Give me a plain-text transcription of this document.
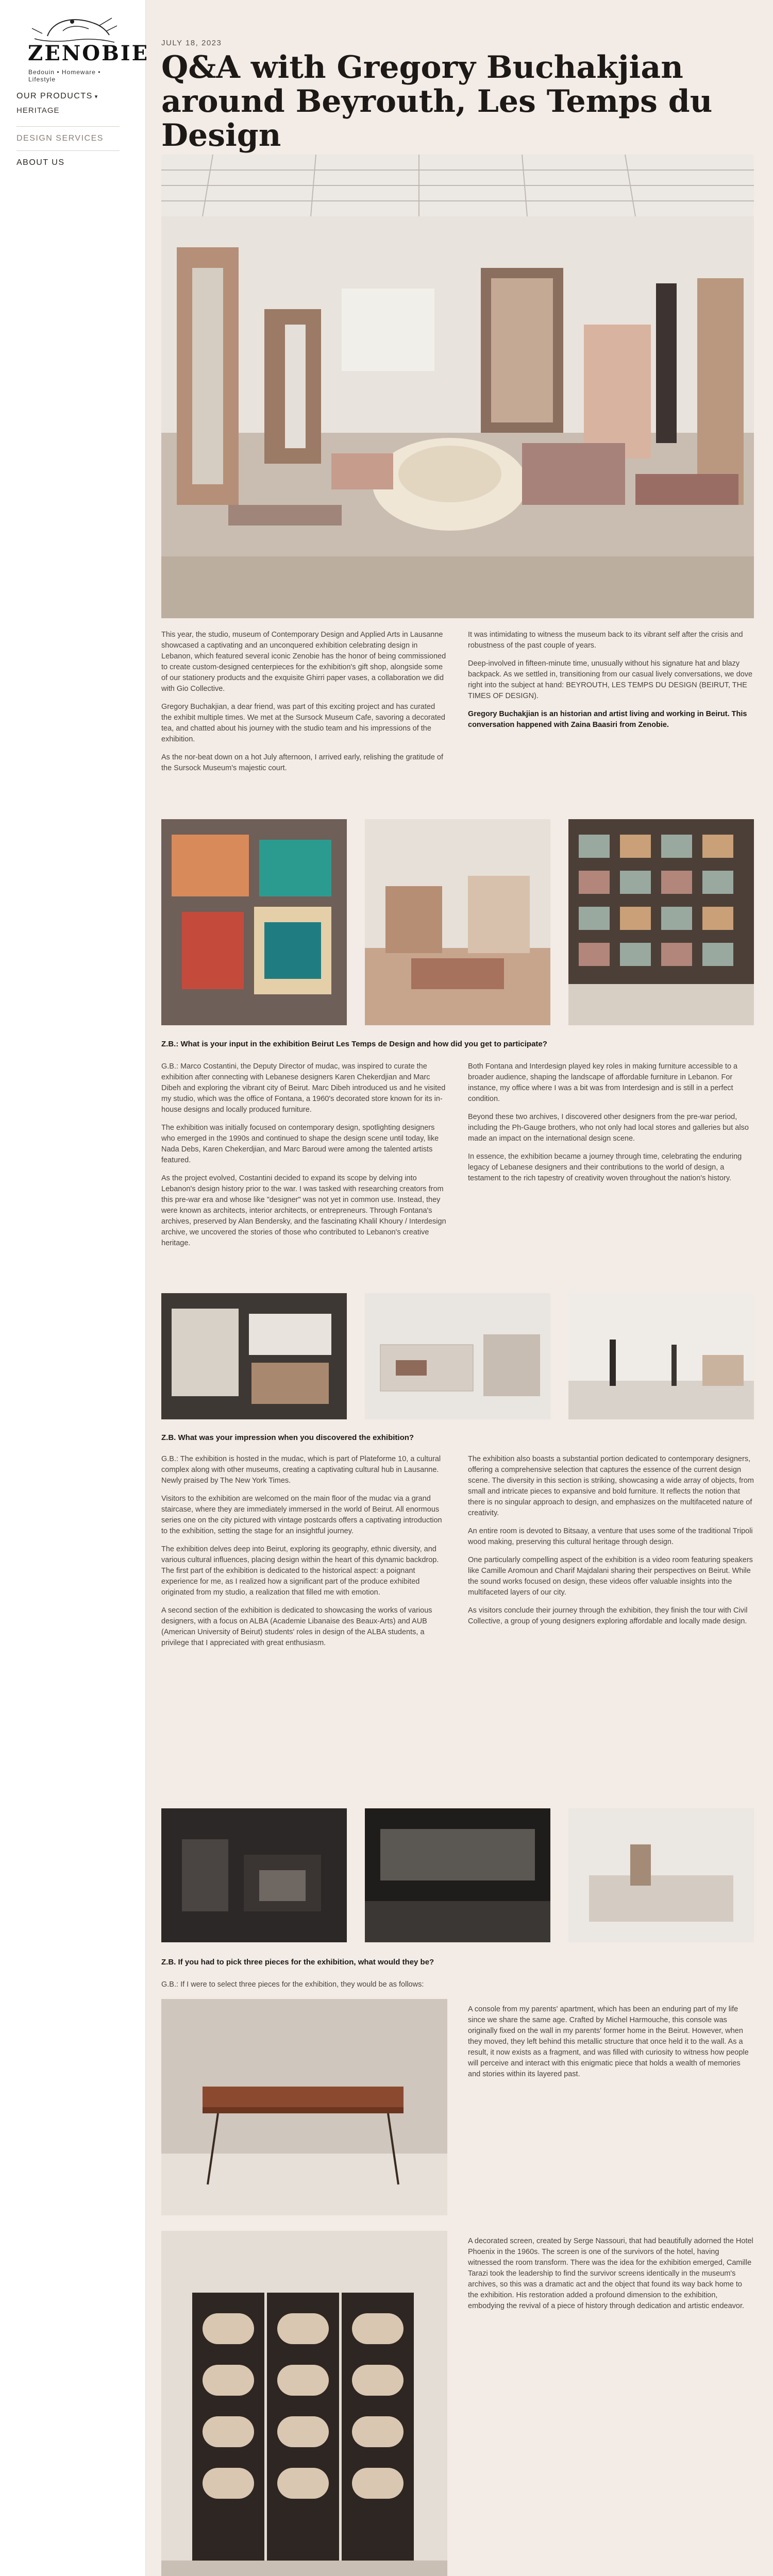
ZENOBIE
Bedouin • Homeware • Lifestyle
OUR PRODUCTS ▾
HERITAGE
DESIGN SERVICES
ABOUT US
JULY 18, 2023
Q&A with Gregory Buchakjian around Beyrouth, Les Temps du Design

This year, the studio, museum of Contemporary Design and Applied Arts in Lausanne showcased a captivating and an unconquered exhibition celebrating design in Lebanon, which featured several iconic Zenobie has the honor of being commissioned to create custom-designed centerpieces for the exhibition's gift shop, alongside some of our stationery products and the exquisite Ghirri paper vases, a collaboration we did with Gio Collective.

Gregory Buchakjian, a dear friend, was part of this exciting project and has curated the exhibit multiple times. We met at the Sursock Museum Cafe, savoring a decorated tea, and chatted about his journey with the studio team and his impressions of the exhibition.

As the nor-beat down on a hot July afternoon, I arrived early, relishing the gratitude of the Sursock Museum's majestic court.

It was intimidating to witness the museum back to its vibrant self after the crisis and robustness of the past couple of years.

Deep-involved in fifteen-minute time, unusually without his signature hat and blazy backpack. As we settled in, transitioning from our casual lively conversations, we dove right into the subject at hand: BEYROUTH, LES TEMPS DU DESIGN (BEIRUT, THE TIMES OF DESIGN).

Gregory Buchakjian is an historian and artist living and working in Beirut. This conversation happened with Zaina Baasiri from Zenobie.

Z.B.: What is your input in the exhibition Beirut Les Temps de Design and how did you get to participate?

G.B.: Marco Costantini, the Deputy Director of mudac, was inspired to curate the exhibition after connecting with Lebanese designers Karen Chekerdjian and Marc Dibeh and exploring the vibrant city of Beirut. Marc Dibeh introduced us and he visited my studio, which was the office of Fontana, a 1960's decorated store known for its in-house designs and locally produced furniture.

The exhibition was initially focused on contemporary design, spotlighting designers who emerged in the 1990s and continued to shape the design scene until today, like Nada Debs, Karen Chekerdjian, and Marc Baroud were among the talented artists featured.

As the project evolved, Costantini decided to expand its scope by delving into Lebanon's design history prior to the war. I was tasked with researching creators from this pre-war era and whose like "designer" was not yet in common use. Instead, they were known as architects, interior architects, or entrepreneurs. Through Fontana's archives, preserved by Alan Bendersky, and the fascinating Khalil Khoury / Interdesign archive, we uncovered the stories of those who contributed to Lebanon's creative heritage.

Both Fontana and Interdesign played key roles in making furniture accessible to a broader audience, shaping the landscape of affordable furniture in Lebanon. For instance, my office where I was a bit was from Interdesign and is still in a perfect condition.

Beyond these two archives, I discovered other designers from the pre-war period, including the Ph-Gauge brothers, who not only had local stores and galleries but also made an impact on the international design scene.

In essence, the exhibition became a journey through time, celebrating the enduring legacy of Lebanese designers and their contributions to the world of design, a testament to the rich tapestry of creativity woven throughout the nation's history.

Z.B. What was your impression when you discovered the exhibition?

G.B.: The exhibition is hosted in the mudac, which is part of Plateforme 10, a cultural complex along with other museums, creating a captivating cultural hub in Lausanne. Newly praised by The New York Times.

Visitors to the exhibition are welcomed on the main floor of the mudac via a grand staircase, where they are immediately immersed in the world of Beirut. All enormous series one on the city pictured with vintage postcards offers a captivating introduction to the exhibition, setting the stage for an insightful journey.

The exhibition delves deep into Beirut, exploring its geography, ethnic diversity, and various cultural influences, placing design within the heart of this dynamic backdrop. The first part of the exhibition is dedicated to the historical aspect: a poignant experience for me, as I realized how a significant part of the produce exhibited originated from my studio, a realization that filled me with emotion.

A second section of the exhibition is dedicated to showcasing the works of various designers, with a focus on ALBA (Academie Libanaise des Beaux-Arts) and AUB (American University of Beirut) students' roles in design of the ALBA students, a privilege that I appreciated with great enthusiasm.

The exhibition also boasts a substantial portion dedicated to contemporary designers, offering a comprehensive selection that captures the essence of the current design scene. The diversity in this section is striking, showcasing a wide array of objects, from small and intricate pieces to expansive and bold furniture. It reflects the notion that there is no singular approach to design, and emphasizes on the multifaceted nature of creativity.

An entire room is devoted to Bitsaay, a venture that uses some of the traditional Tripoli wood making, preserving this cultural heritage through design.

One particularly compelling aspect of the exhibition is a video room featuring speakers like Camille Aromoun and Charif Majdalani sharing their perspectives on Beirut. While the sound works focused on design, these videos offer valuable insights into the multifaceted layers of our city.

As visitors conclude their journey through the exhibition, they finish the tour with Civil Collective, a group of young designers exploring affordable and locally made design.

Z.B. If you had to pick three pieces for the exhibition, what would they be?
G.B.: If I were to select three pieces for the exhibition, they would be as follows:
A console from my parents' apartment, which has been an enduring part of my life since we share the same age. Crafted by Michel Harmouche, this console was originally fixed on the wall in my parents' former home in the Beirut. However, when they moved, they left behind this metallic structure that once held it to the wall. As a result, it now exists as a fragment, and was filled with curiosity to witness how people will perceive and interact with this enigmatic piece that holds a wealth of memories and stories within its layered past.
A decorated screen, created by Serge Nassouri, that had beautifully adorned the Hotel Phoenix in the 1960s. The screen is one of the survivors of the hotel, having witnessed the room transform. There was the idea for the exhibition emerged, Camille Tarazi took the leadership to find the survivor screens identically in the museum's archives, so this was a dramatic act and the object that found its way back home to the exhibition. His restoration added a profound dimension to the exhibition, embodying the revival of a piece of history through dedication and artistic endeavor.
